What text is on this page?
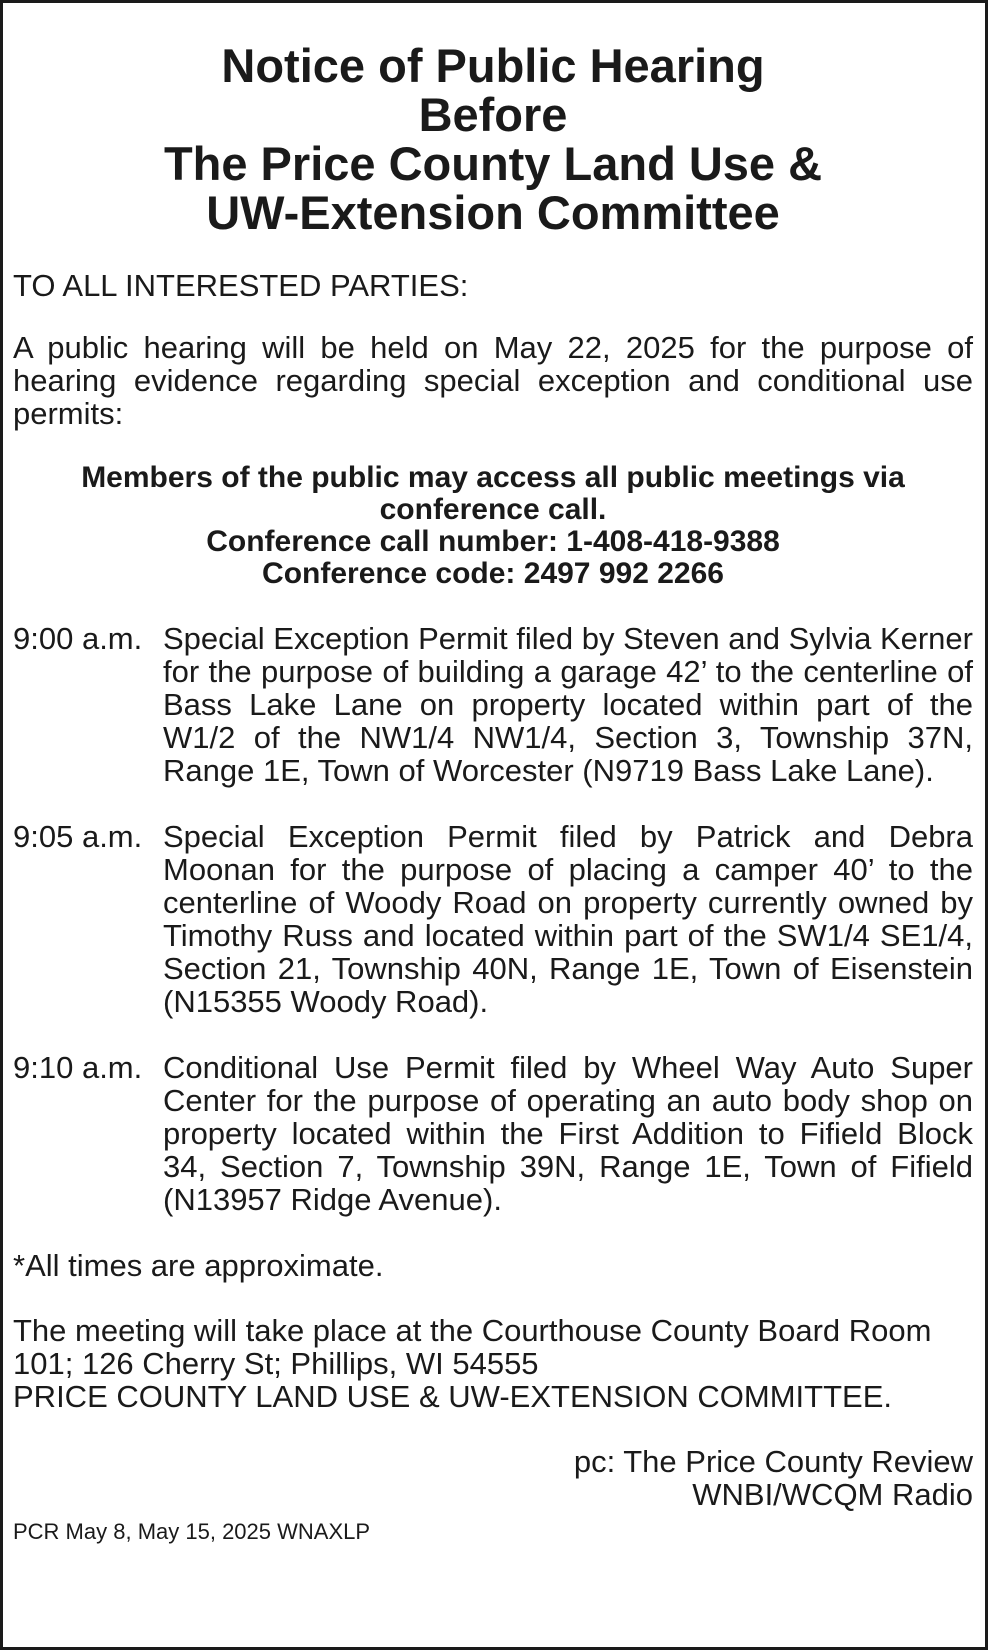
Notice of Public Hearing
Before
The Price County Land Use &
UW-Extension Committee
TO ALL INTERESTED PARTIES:
A public hearing will be held on May 22, 2025 for the purpose of hearing evidence regarding special exception and conditional use permits:
Members of the public may access all public meetings via
conference call.
Conference call number: 1-408-418-9388
Conference code: 2497 992 2266
9:00 a.m. Special Exception Permit filed by Steven and Sylvia Kerner for the purpose of building a garage 42’ to the centerline of Bass Lake Lane on property located within part of the W1/2 of the NW1/4 NW1/4, Section 3, Township 37N, Range 1E, Town of Worcester (N9719 Bass Lake Lane).
9:05 a.m. Special Exception Permit filed by Patrick and Debra Moonan for the purpose of placing a camper 40’ to the centerline of Woody Road on property currently owned by Timothy Russ and located within part of the SW1/4 SE1/4, Section 21, Township 40N, Range 1E, Town of Eisenstein (N15355 Woody Road).
9:10 a.m. Conditional Use Permit filed by Wheel Way Auto Super Center for the purpose of operating an auto body shop on property located within the First Addition to Fifield Block 34, Section 7, Township 39N, Range 1E, Town of Fifield (N13957 Ridge Avenue).
*All times are approximate.
The meeting will take place at the Courthouse County Board Room
101; 126 Cherry St; Phillips, WI 54555
PRICE COUNTY LAND USE & UW-EXTENSION COMMITTEE.
pc: The Price County Review
WNBI/WCQM Radio
PCR May 8, May 15, 2025 WNAXLP
